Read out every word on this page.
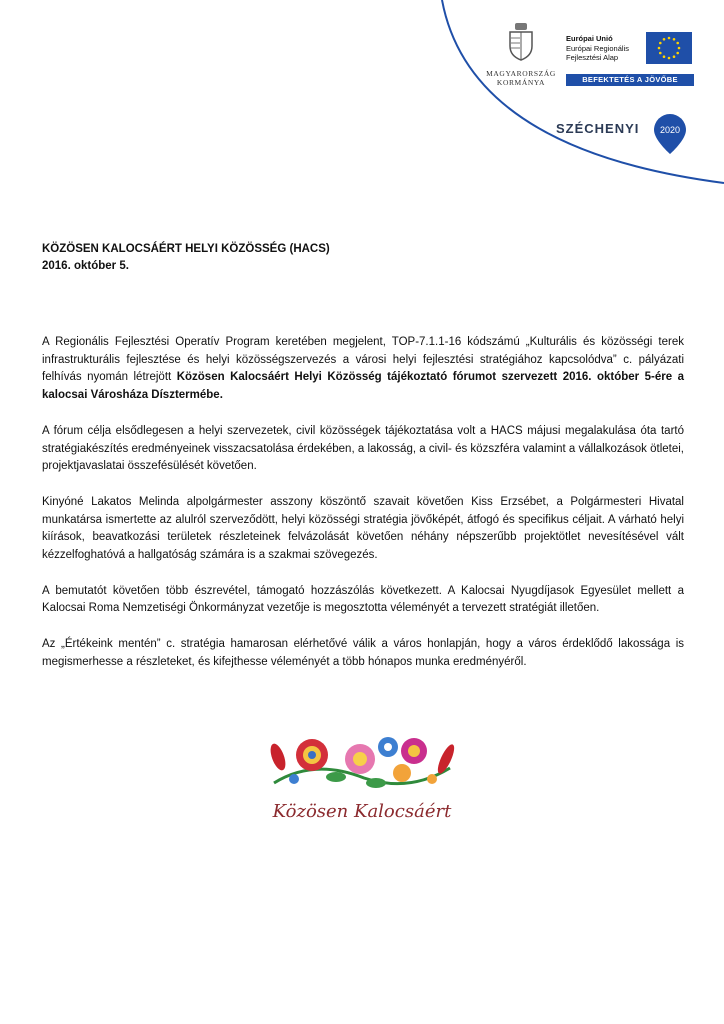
MAGYARORSZÁG
KORMÁNYA
Európai Unió
Európai Regionális
Fejlesztési Alap
BEFEKTETÉS A JÖVŐBE
SZÉCHENYI 2020
KÖZÖSEN KALOCSÁÉRT HELYI KÖZÖSSÉG (HACS)
2016. október 5.

A Regionális Fejlesztési Operatív Program keretében megjelent, TOP-7.1.1-16 kódszámú „Kulturális és közösségi terek infrastrukturális fejlesztése és helyi közösségszervezés a városi helyi fejlesztési stratégiához kapcsolódva” c. pályázati felhívás nyomán létrejött Közösen Kalocsáért Helyi Közösség tájékoztató fórumot szervezett 2016. október 5-ére a kalocsai Városháza Dísztermébe.

A fórum célja elsődlegesen a helyi szervezetek, civil közösségek tájékoztatása volt a HACS májusi megalakulása óta tartó stratégiakészítés eredményeinek visszacsatolása érdekében, a lakosság, a civil- és közszféra valamint a vállalkozások ötletei, projektjavaslatai összefésülését követően.

Kinyóné Lakatos Melinda alpolgármester asszony köszöntő szavait követően Kiss Erzsébet, a Polgármesteri Hivatal munkatársa ismertette az alulról szerveződött, helyi közösségi stratégia jövőképét, átfogó és specifikus céljait. A várható helyi kiírások, beavatkozási területek részleteinek felvázolását követően néhány népszerűbb projektötlet nevesítésével vált kézzelfoghatóvá a hallgatóság számára is a szakmai szövegezés.

A bemutatót követően több észrevétel, támogató hozzászólás következett. A Kalocsai Nyugdíjasok Egyesület mellett a Kalocsai Roma Nemzetiségi Önkormányzat vezetője is megosztotta véleményét a tervezett stratégiát illetően.

Az „Értékeink mentén” c. stratégia hamarosan elérhetővé válik a város honlapján, hogy a város érdeklődő lakossága is megismerhesse a részleteket, és kifejthesse véleményét a több hónapos munka eredményéről.

Közösen Kalocsáért
